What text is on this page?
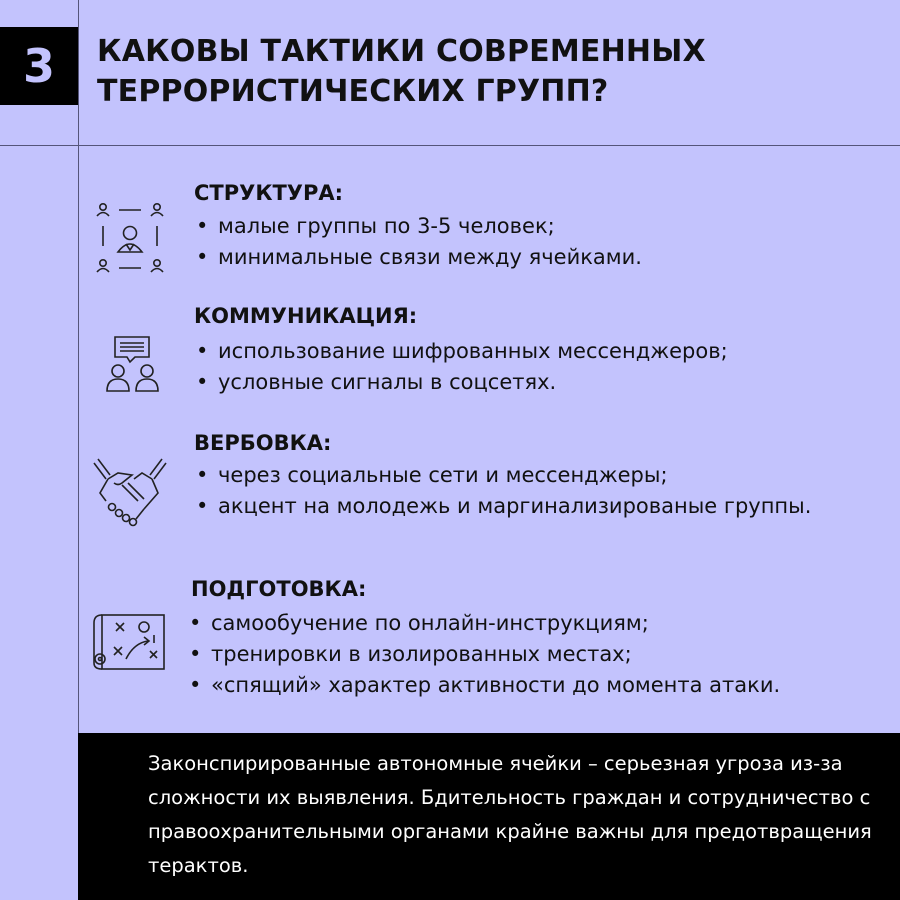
3 КАКОВЫ ТАКТИКИ СОВРЕМЕННЫХ
ТЕРРОРИСТИЧЕСКИХ ГРУПП?
СТРУКТУРА:
• малые группы по 3-5 человек;
• минимальные связи между ячейками.
КОММУНИКАЦИЯ:
• использование шифрованных мессенджеров;
• условные сигналы в соцсетях.
ВЕРБОВКА:
• через социальные сети и мессенджеры;
• акцент на молодежь и маргинализированые группы.
ПОДГОТОВКА:
• самообучение по онлайн-инструкциям;
• тренировки в изолированных местах;
• «спящий» характер активности до момента атаки.

Законспирированные автономные ячейки – серьезная угроза из-за сложности их выявления. Бдительность граждан и сотрудничество с правоохранительными органами крайне важны для предотвращения терактов.
